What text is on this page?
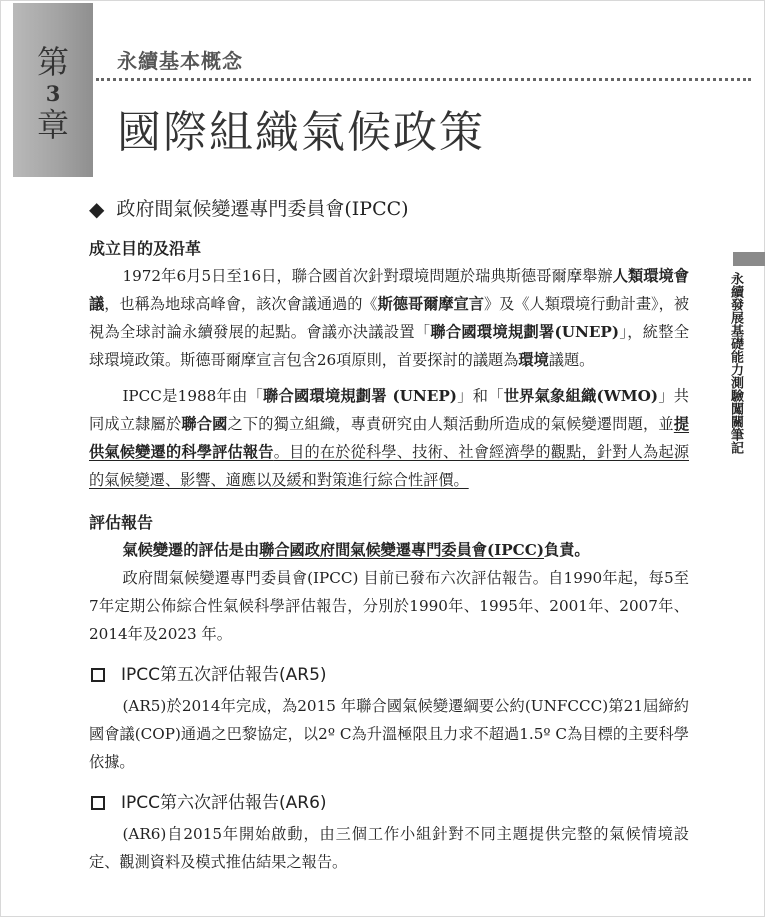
第
3
章
永續基本概念
國際組織氣候政策
永續發展基礎能力測驗闖關筆記
◆ 政府間氣候變遷專門委員會(IPCC)
成立目的及沿革

1972年6月5日至16日，聯合國首次針對環境問題於瑞典斯德哥爾摩舉辦人類環境會議，也稱為地球高峰會，該次會議通過的《斯德哥爾摩宣言》及《人類環境行動計畫》，被視為全球討論永續發展的起點。會議亦決議設置「聯合國環境規劃署(UNEP)」，統整全球環境政策。斯德哥爾摩宣言包含26項原則，首要探討的議題為環境議題。

IPCC是1988年由「聯合國環境規劃署 (UNEP)」和「世界氣象組織(WMO)」共同成立隸屬於聯合國之下的獨立組織，專責研究由人類活動所造成的氣候變遷問題，並提供氣候變遷的科學評估報告。目的在於從科學、技術、社會經濟學的觀點，針對人為起源的氣候變遷、影響、適應以及緩和對策進行綜合性評價。

評估報告

氣候變遷的評估是由聯合國政府間氣候變遷專門委員會(IPCC)負責。

政府間氣候變遷專門委員會(IPCC) 目前已發布六次評估報告。自1990年起，每5至7年定期公佈綜合性氣候科學評估報告，分別於1990年、1995年、2001年、2007年、2014年及2023 年。

IPCC第五次評估報告(AR5)

(AR5)於2014年完成，為2015 年聯合國氣候變遷綱要公約(UNFCCC)第21屆締約國會議(COP)通過之巴黎協定，以2º C為升溫極限且力求不超過1.5º C為目標的主要科學依據。

IPCC第六次評估報告(AR6)

(AR6)自2015年開始啟動，由三個工作小組針對不同主題提供完整的氣候情境設定、觀測資料及模式推估結果之報告。
